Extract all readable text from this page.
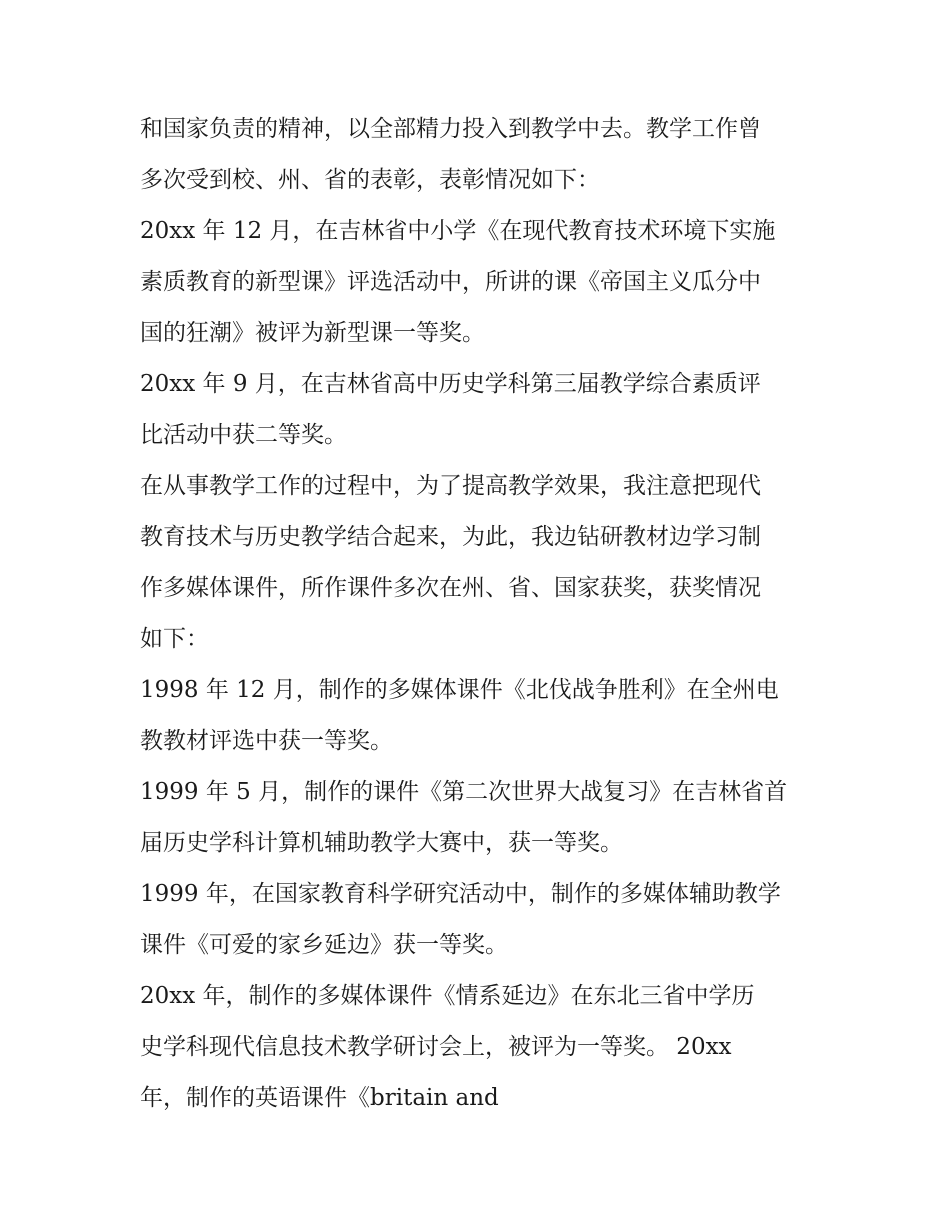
和国家负责的精神，以全部精力投入到教学中去。教学工作曾
多次受到校、州、省的表彰，表彰情况如下：
20xx 年 12 月，在吉林省中小学《在现代教育技术环境下实施
素质教育的新型课》评选活动中，所讲的课《帝国主义瓜分中
国的狂潮》被评为新型课一等奖。
20xx 年 9 月，在吉林省高中历史学科第三届教学综合素质评
比活动中获二等奖。
在从事教学工作的过程中，为了提高教学效果，我注意把现代
教育技术与历史教学结合起来，为此，我边钻研教材边学习制
作多媒体课件，所作课件多次在州、省、国家获奖，获奖情况
如下：
1998 年 12 月，制作的多媒体课件《北伐战争胜利》在全州电
教教材评选中获一等奖。
1999 年 5 月，制作的课件《第二次世界大战复习》在吉林省首
届历史学科计算机辅助教学大赛中，获一等奖。
1999 年，在国家教育科学研究活动中，制作的多媒体辅助教学
课件《可爱的家乡延边》获一等奖。
20xx 年，制作的多媒体课件《情系延边》在东北三省中学历
史学科现代信息技术教学研讨会上，被评为一等奖。 20xx
年，制作的英语课件《britain and
